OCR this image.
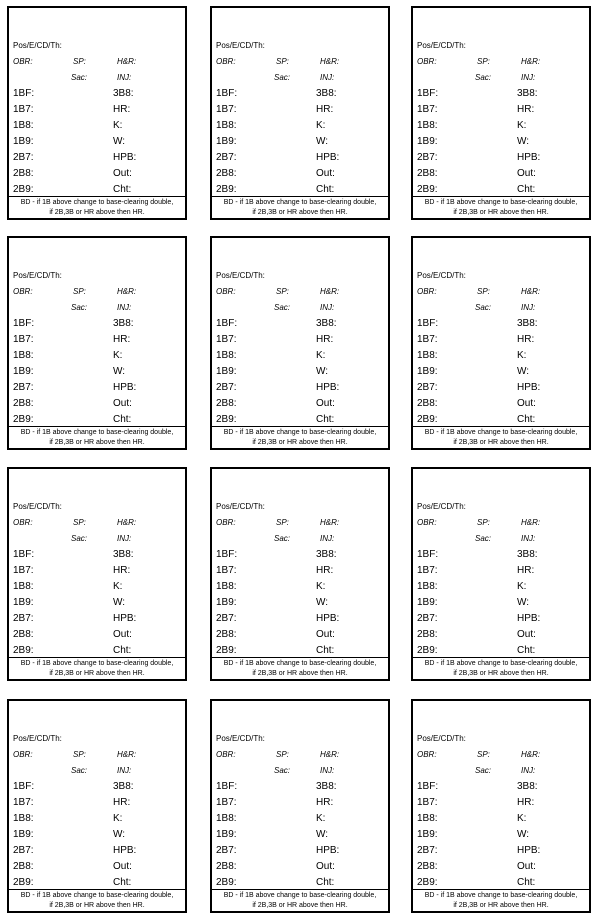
Pos/E/CD/Th:
OBR:	SP:	H&R:
Sac:	INJ:
1BF:	3B8:
1B7:	HR:
1B8:	K:
1B9:	W:
2B7:	HPB:
2B8:	Out:
2B9:	Cht:
BD - if 1B above change to base-clearing double,
if 2B,3B or HR above then HR.
Pos/E/CD/Th:
OBR:	SP:	H&R:
Sac:	INJ:
1BF:	3B8:
1B7:	HR:
1B8:	K:
1B9:	W:
2B7:	HPB:
2B8:	Out:
2B9:	Cht:
BD - if 1B above change to base-clearing double,
if 2B,3B or HR above then HR.
Pos/E/CD/Th:
OBR:	SP:	H&R:
Sac:	INJ:
1BF:	3B8:
1B7:	HR:
1B8:	K:
1B9:	W:
2B7:	HPB:
2B8:	Out:
2B9:	Cht:
BD - if 1B above change to base-clearing double,
if 2B,3B or HR above then HR.
Pos/E/CD/Th:
OBR:	SP:	H&R:
Sac:	INJ:
1BF:	3B8:
1B7:	HR:
1B8:	K:
1B9:	W:
2B7:	HPB:
2B8:	Out:
2B9:	Cht:
BD - if 1B above change to base-clearing double,
if 2B,3B or HR above then HR.
Pos/E/CD/Th:
OBR:	SP:	H&R:
Sac:	INJ:
1BF:	3B8:
1B7:	HR:
1B8:	K:
1B9:	W:
2B7:	HPB:
2B8:	Out:
2B9:	Cht:
BD - if 1B above change to base-clearing double,
if 2B,3B or HR above then HR.
Pos/E/CD/Th:
OBR:	SP:	H&R:
Sac:	INJ:
1BF:	3B8:
1B7:	HR:
1B8:	K:
1B9:	W:
2B7:	HPB:
2B8:	Out:
2B9:	Cht:
BD - if 1B above change to base-clearing double,
if 2B,3B or HR above then HR.
Pos/E/CD/Th:
OBR:	SP:	H&R:
Sac:	INJ:
1BF:	3B8:
1B7:	HR:
1B8:	K:
1B9:	W:
2B7:	HPB:
2B8:	Out:
2B9:	Cht:
BD - if 1B above change to base-clearing double,
if 2B,3B or HR above then HR.
Pos/E/CD/Th:
OBR:	SP:	H&R:
Sac:	INJ:
1BF:	3B8:
1B7:	HR:
1B8:	K:
1B9:	W:
2B7:	HPB:
2B8:	Out:
2B9:	Cht:
BD - if 1B above change to base-clearing double,
if 2B,3B or HR above then HR.
Pos/E/CD/Th:
OBR:	SP:	H&R:
Sac:	INJ:
1BF:	3B8:
1B7:	HR:
1B8:	K:
1B9:	W:
2B7:	HPB:
2B8:	Out:
2B9:	Cht:
BD - if 1B above change to base-clearing double,
if 2B,3B or HR above then HR.
Pos/E/CD/Th:
OBR:	SP:	H&R:
Sac:	INJ:
1BF:	3B8:
1B7:	HR:
1B8:	K:
1B9:	W:
2B7:	HPB:
2B8:	Out:
2B9:	Cht:
BD - if 1B above change to base-clearing double,
if 2B,3B or HR above then HR.
Pos/E/CD/Th:
OBR:	SP:	H&R:
Sac:	INJ:
1BF:	3B8:
1B7:	HR:
1B8:	K:
1B9:	W:
2B7:	HPB:
2B8:	Out:
2B9:	Cht:
BD - if 1B above change to base-clearing double,
if 2B,3B or HR above then HR.
Pos/E/CD/Th:
OBR:	SP:	H&R:
Sac:	INJ:
1BF:	3B8:
1B7:	HR:
1B8:	K:
1B9:	W:
2B7:	HPB:
2B8:	Out:
2B9:	Cht:
BD - if 1B above change to base-clearing double,
if 2B,3B or HR above then HR.
